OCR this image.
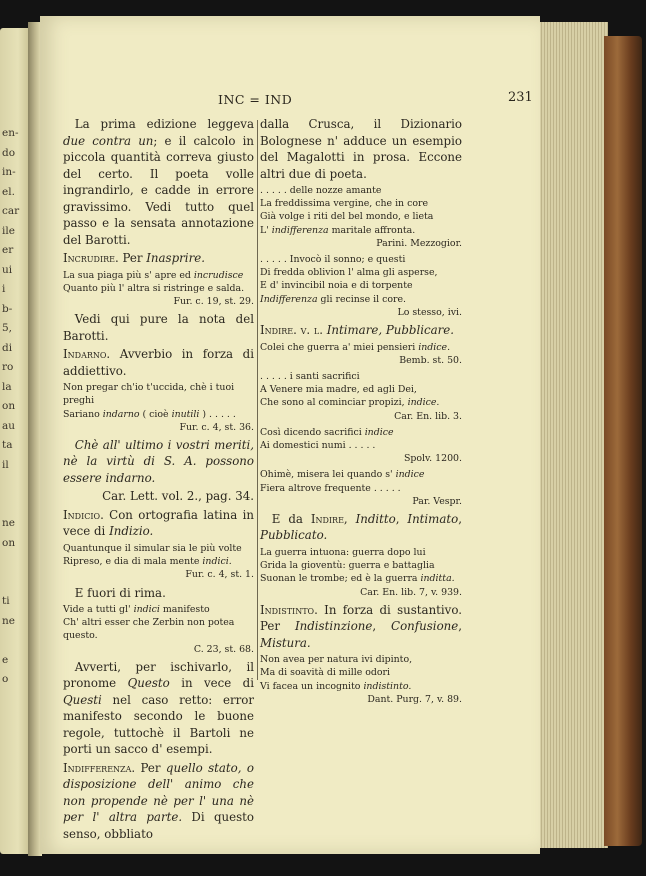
en-
do
in-
el.
car
ile
er
ui
i
b-
5,
di
ro
la
on
au
ta
il
ne
on
ti
ne
e
o
INC = IND	231

 La prima edizione leggeva due contra un; e il calcolo in piccola quantità correva giusto del certo. Il poeta volle ingrandirlo, e cadde in errore gravissimo. Vedi tutto quel passo e la sensata annotazione del Barotti.

Incrudire. Per Inasprire.

La sua piaga più s' apre ed incrudisce

Quanto più l' altra si ristringe e salda.

Fur. c. 19, st. 29.

 Vedi qui pure la nota del Barotti.

Indarno. Avverbio in forza di addiettivo.

Non pregar ch'io t'uccida, chè i tuoi preghi

Sariano indarno ( cioè inutili ) . . . . .

Fur. c. 4, st. 36.

 Chè all' ultimo i vostri meriti, nè la virtù di S. A. possono essere indarno.

Car. Lett. vol. 2., pag. 34.

Indicio. Con ortografia latina in vece di Indizio.

Quantunque il simular sia le più volte

Ripreso, e dia di mala mente indici.

Fur. c. 4, st. 1.

 E fuori di rima.

Vide a tutti gl' indici manifesto

Ch' altri esser che Zerbin non potea questo.

C. 23, st. 68.

 Avverti, per ischivarlo, il pronome Questo in vece di Questi nel caso retto: error manifesto secondo le buone regole, tuttochè il Bartoli ne porti un sacco d' esempi.

Indifferenza. Per quello stato, o disposizione dell' animo che non propende nè per l' una nè per l' altra parte. Di questo senso, obbliato

dalla Crusca, il Dizionario Bolognese n' adduce un esempio del Magalotti in prosa. Eccone altri due di poeta.

. . . . . delle nozze amante

La freddissima vergine, che in core

Già volge i riti del bel mondo, e lieta

L' indifferenza maritale affronta.

Parini. Mezzogior.

. . . . . Invocò il sonno; e questi

Di fredda oblivion l' alma gli asperse,

E d' invincibil noia e di torpente

Indifferenza gli recinse il core.

Lo stesso, ivi.

Indire. v. l. Intimare, Pubblicare.

Colei che guerra a' miei pensieri indice.

Bemb. st. 50.

. . . . . i santi sacrifici

A Venere mia madre, ed agli Dei,

Che sono al cominciar propizi, indice.

Car. En. lib. 3.

Così dicendo sacrifici indice

Ai domestici numi . . . . .

Spolv. 1200.

Ohimè, misera lei quando s' indice

Fiera altrove frequente . . . . .

Par. Vespr.

 E da Indire, Inditto, Intimato, Pubblicato.

La guerra intuona: guerra dopo lui

Grida la gioventù: guerra e battaglia

Suonan le trombe; ed è la guerra inditta.

Car. En. lib. 7, v. 939.

Indistinto. In forza di sustantivo. Per Indistinzione, Confusione, Mistura.

Non avea per natura ivi dipinto,

Ma di soavità di mille odori

Vi facea un incognito indistinto.

Dant. Purg. 7, v. 89.
